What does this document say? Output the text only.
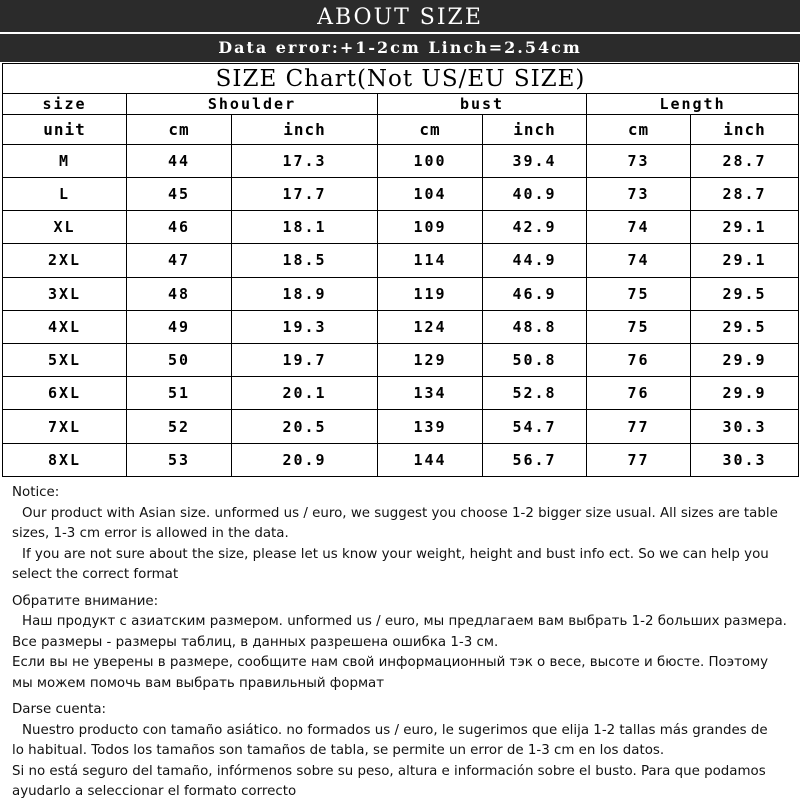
ABOUT SIZE
Data error:+1-2cm Linch=2.54cm
SIZE Chart(Not US/EU SIZE)						
size	Shoulder		bust		Length	
unit	cm	inch	cm	inch	cm	inch
M	44	17.3	100	39.4	73	28.7
L	45	17.7	104	40.9	73	28.7
XL	46	18.1	109	42.9	74	29.1
2XL	47	18.5	114	44.9	74	29.1
3XL	48	18.9	119	46.9	75	29.5
4XL	49	19.3	124	48.8	75	29.5
5XL	50	19.7	129	50.8	76	29.9
6XL	51	20.1	134	52.8	76	29.9
7XL	52	20.5	139	54.7	77	30.3
8XL	53	20.9	144	56.7	77	30.3

Notice:

Our product with Asian size. unformed us / euro, we suggest you choose 1-2 bigger size usual. All sizes are table

sizes, 1-3 cm error is allowed in the data.

If you are not sure about the size, please let us know your weight, height and bust info ect. So we can help you

select the correct format

Обратите внимание:

Наш продукт с азиатским размером. unformed us / euro, мы предлагаем вам выбрать 1-2 больших размера.

Все размеры - размеры таблиц, в данных разрешена ошибка 1-3 см.

Если вы не уверены в размере, сообщите нам свой информационный тэк о весе, высоте и бюсте. Поэтому

мы можем помочь вам выбрать правильный формат

Darse cuenta:

Nuestro producto con tamaño asiático. no formados us / euro, le sugerimos que elija 1-2 tallas más grandes de

lo habitual. Todos los tamaños son tamaños de tabla, se permite un error de 1-3 cm en los datos.

Si no está seguro del tamaño, infórmenos sobre su peso, altura e información sobre el busto. Para que podamos

ayudarlo a seleccionar el formato correcto
